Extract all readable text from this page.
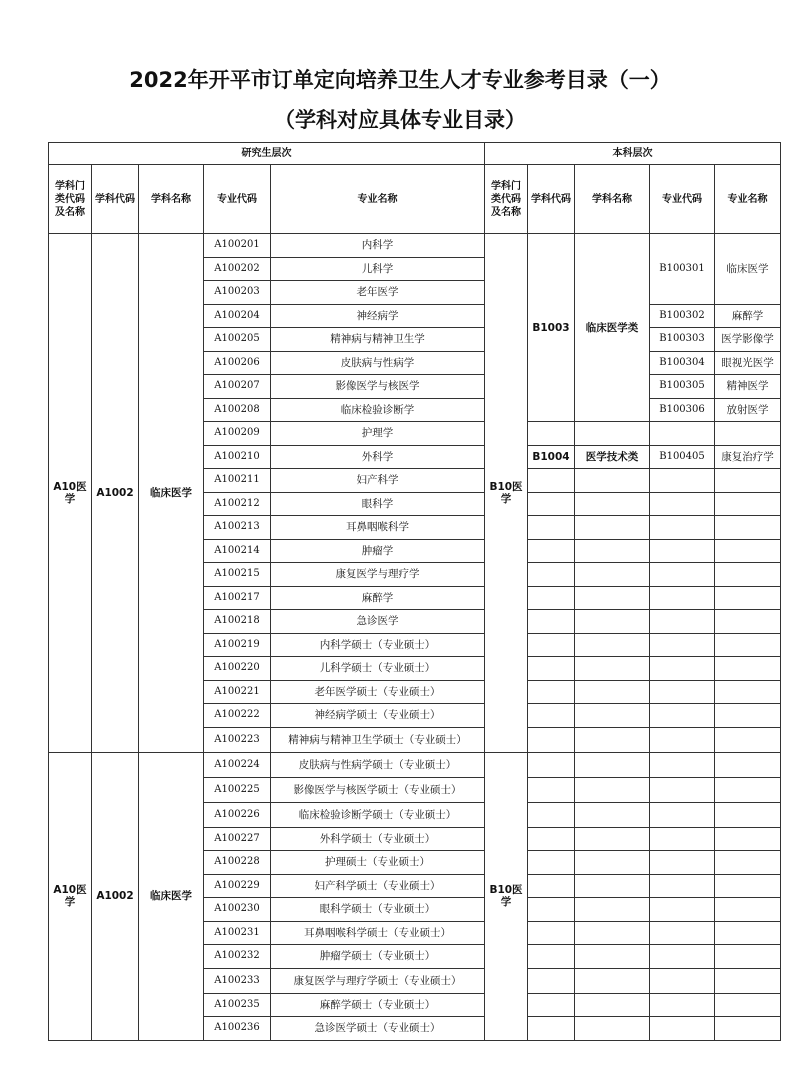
2022年开平市订单定向培养卫生人才专业参考目录（一）
（学科对应具体专业目录）
研究生层次					本科层次				
学科门类代码及名称	学科代码	学科名称	专业代码	专业名称	学科门类代码及名称	学科代码	学科名称	专业代码	专业名称
A10医学	A1002	临床医学	A100201	内科学	B10医学	B1003	临床医学类	B100301	临床医学
			A100202	儿科学					
			A100203	老年医学					
			A100204	神经病学				B100302	麻醉学
			A100205	精神病与精神卫生学				B100303	医学影像学
			A100206	皮肤病与性病学				B100304	眼视光医学
			A100207	影像医学与核医学				B100305	精神医学
			A100208	临床检验诊断学				B100306	放射医学
			A100209	护理学					
			A100210	外科学		B1004	医学技术类	B100405	康复治疗学
			A100211	妇产科学					
			A100212	眼科学					
			A100213	耳鼻咽喉科学					
			A100214	肿瘤学					
			A100215	康复医学与理疗学					
			A100217	麻醉学					
			A100218	急诊医学					
			A100219	内科学硕士（专业硕士）					
			A100220	儿科学硕士（专业硕士）					
			A100221	老年医学硕士（专业硕士）					
			A100222	神经病学硕士（专业硕士）					
			A100223	精神病与精神卫生学硕士（专业硕士）					
A10医学	A1002	临床医学	A100224	皮肤病与性病学硕士（专业硕士）	B10医学				
			A100225	影像医学与核医学硕士（专业硕士）					
			A100226	临床检验诊断学硕士（专业硕士）					
			A100227	外科学硕士（专业硕士）					
			A100228	护理硕士（专业硕士）					
			A100229	妇产科学硕士（专业硕士）					
			A100230	眼科学硕士（专业硕士）					
			A100231	耳鼻咽喉科学硕士（专业硕士）					
			A100232	肿瘤学硕士（专业硕士）					
			A100233	康复医学与理疗学硕士（专业硕士）					
			A100235	麻醉学硕士（专业硕士）					
			A100236	急诊医学硕士（专业硕士）					
